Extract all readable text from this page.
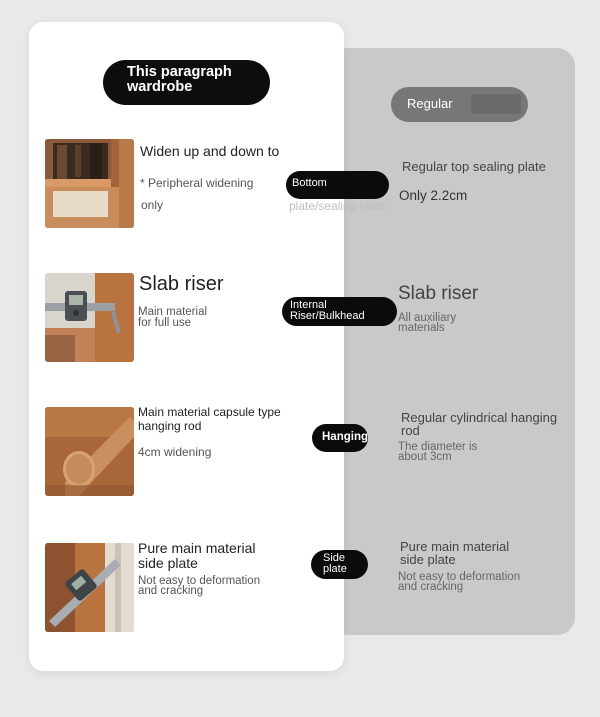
This paragraph wardrobe
Regular
Widen up and down to
* Peripheral widening
only	plate/sealing plate
Bottom
Regular top sealing plate
Only 2.2cm
Slab riser
Main material
for full use
Internal
Riser/Bulkhead
Slab riser
All auxiliary
materials
Main material capsule type
hanging rod
4cm widening
Hanging
Regular cylindrical hanging
rod
The diameter is
about 3cm
Pure main material
side plate
Not easy to deformation
and cracking
Side
plate
Pure main material
side plate
Not easy to deformation
and cracking
